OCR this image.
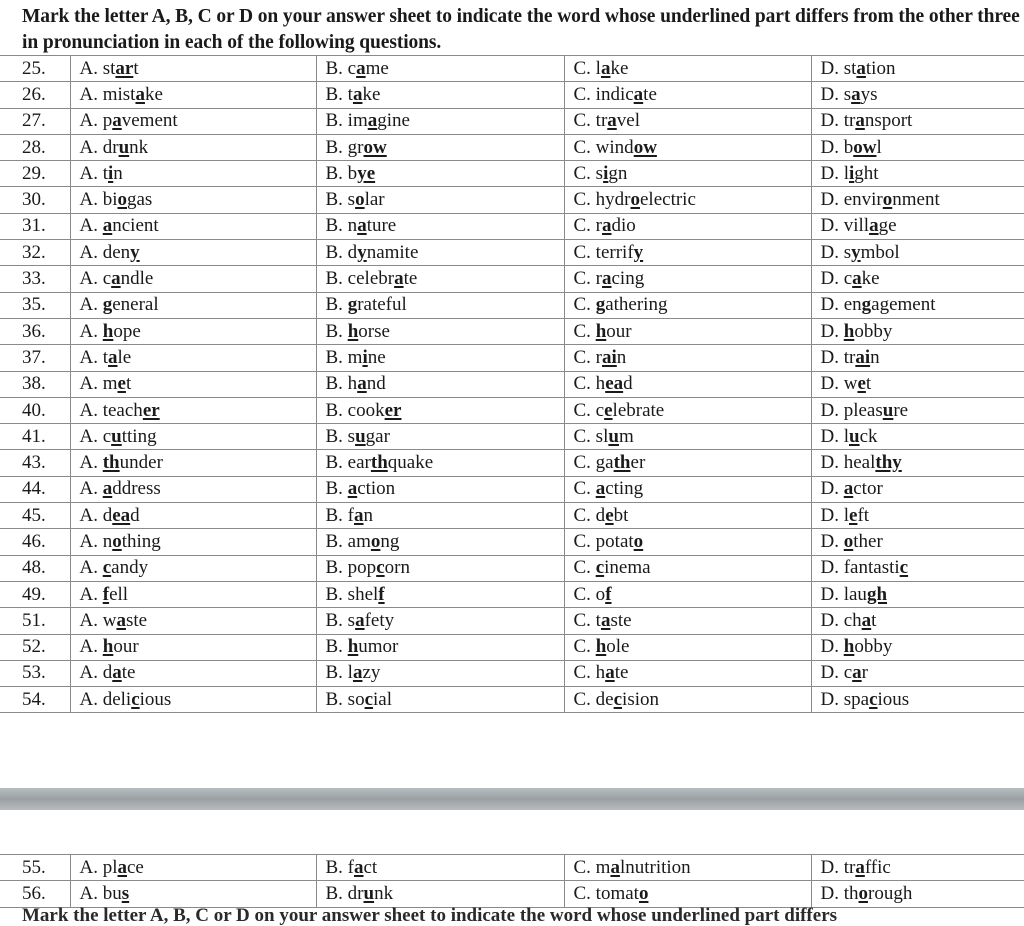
Mark the letter A, B, C or D on your answer sheet to indicate the word whose underlined part differs from the other three in pronunciation in each of the following questions.
25.	A. start	B. came	C. lake	D. station
26.	A. mistake	B. take	C. indicate	D. says
27.	A. pavement	B. imagine	C. travel	D. transport
28.	A. drunk	B. grow	C. window	D. bowl
29.	A. tin	B. bye	C. sign	D. light
30.	A. biogas	B. solar	C. hydroelectric	D. environment
31.	A. ancient	B. nature	C. radio	D. village
32.	A. deny	B. dynamite	C. terrify	D. symbol
33.	A. candle	B. celebrate	C. racing	D. cake
35.	A. general	B. grateful	C. gathering	D. engagement
36.	A. hope	B. horse	C. hour	D. hobby
37.	A. tale	B. mine	C. rain	D. train
38.	A. met	B. hand	C. head	D. wet
40.	A. teacher	B. cooker	C. celebrate	D. pleasure
41.	A. cutting	B. sugar	C. slum	D. luck
43.	A. thunder	B. earthquake	C. gather	D. healthy
44.	A. address	B. action	C. acting	D. actor
45.	A. dead	B. fan	C. debt	D. left
46.	A. nothing	B. among	C. potato	D. other
48.	A. candy	B. popcorn	C. cinema	D. fantastic
49.	A. fell	B. shelf	C. of	D. laugh
51.	A. waste	B. safety	C. taste	D. chat
52.	A. hour	B. humor	C. hole	D. hobby
53.	A. date	B. lazy	C. hate	D. car
54.	A. delicious	B. social	C. decision	D. spacious
55.	A. place	B. fact	C. malnutrition	D. traffic
56.	A. bus	B. drunk	C. tomato	D. thorough
Mark the letter A, B, C or D on your answer sheet to indicate the word whose underlined part differs
